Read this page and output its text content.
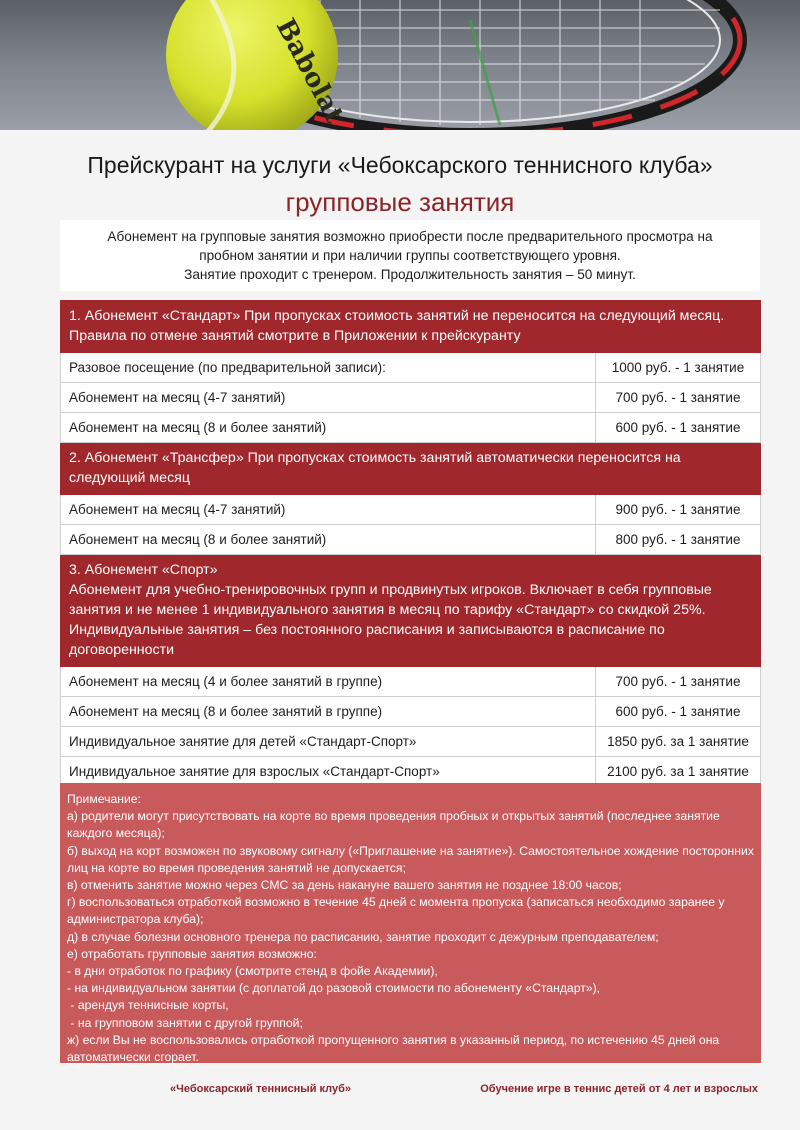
Babolat
Прейскурант на услуги «Чебоксарского теннисного клуба»
групповые занятия
Абонемент на групповые занятия возможно приобрести после предварительного просмотра на
пробном занятии и при наличии группы соответствующего уровня.
Занятие проходит с тренером. Продолжительность занятия – 50 минут.
1. Абонемент «Стандарт» При пропусках стоимость занятий не переносится на следующий месяц. Правила по отмене занятий смотрите в Приложении к прейскуранту	
Разовое посещение (по предварительной записи):	1000 руб. - 1 занятие
Абонемент на месяц (4-7 занятий)	700 руб. - 1 занятие
Абонемент на месяц (8 и более занятий)	600 руб. - 1 занятие
2. Абонемент «Трансфер» При пропусках стоимость занятий автоматически переносится на следующий месяц	
Абонемент на месяц (4-7 занятий)	900 руб. - 1 занятие
Абонемент на месяц (8 и более занятий)	800 руб. - 1 занятие

3. Абонемент «Спорт»
Абонемент для учебно-тренировочных групп и продвинутых игроков. Включает в себя групповые занятия и не менее 1 индивидуального занятия в месяц по тарифу «Стандарт» со скидкой 25%. Индивидуальные занятия – без постоянного расписания и записываются в расписание по договоренности	

Абонемент на месяц (4 и более занятий в группе)	700 руб. - 1 занятие
Абонемент на месяц (8 и более занятий в группе)	600 руб. - 1 занятие
Индивидуальное занятие для детей «Стандарт-Спорт»	1850 руб. за 1 занятие
Индивидуальное занятие для взрослых «Стандарт-Спорт»	2100 руб. за 1 занятие
Примечание:
а) родители могут присутствовать на корте во время проведения пробных и открытых занятий (последнее занятие каждого месяца);
б) выход на корт возможен по звуковому сигналу («Приглашение на занятие»). Самостоятельное хождение посторонних лиц на корте во время проведения занятий не допускается;
в) отменить занятие можно через СМС за день накануне вашего занятия не позднее 18:00 часов;
г) воспользоваться отработкой возможно в течение 45 дней с момента пропуска (записаться необходимо заранее у администратора клуба);
д) в случае болезни основного тренера по расписанию, занятие проходит с дежурным преподавателем;
е) отработать групповые занятия возможно:
- в дни отработок по графику (смотрите стенд в фойе Академии),
- на индивидуальном занятии (с доплатой до разовой стоимости по абонементу «Стандарт»),
- арендуя теннисные корты,
- на групповом занятии с другой группой;
ж) если Вы не воспользовались отработкой пропущенного занятия в указанный период, по истечению 45 дней она автоматически сгорает.
«Чебоксарский теннисный клуб»	Обучение игре в теннис детей от 4 лет и взрослых
